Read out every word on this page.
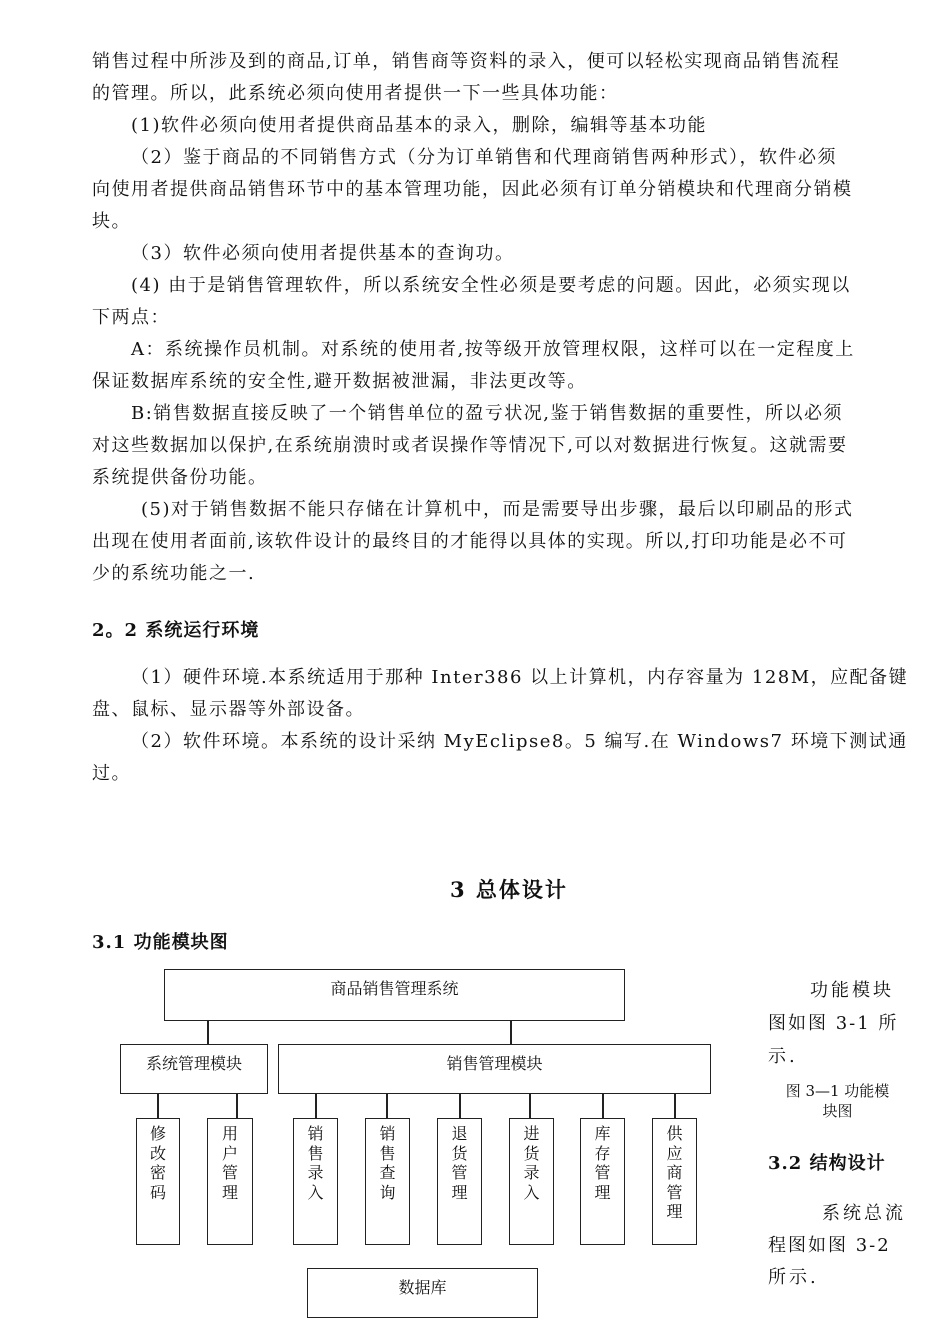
销售过程中所涉及到的商品,订单，销售商等资料的录入，便可以轻松实现商品销售流程
的管理。所以，此系统必须向使用者提供一下一些具体功能：
(1)软件必须向使用者提供商品基本的录入，删除，编辑等基本功能
（2）鉴于商品的不同销售方式（分为订单销售和代理商销售两种形式），软件必须
向使用者提供商品销售环节中的基本管理功能，因此必须有订单分销模块和代理商分销模
块。
（3）软件必须向使用者提供基本的查询功。
(4) 由于是销售管理软件，所以系统安全性必须是要考虑的问题。因此，必须实现以
下两点：
A：系统操作员机制。对系统的使用者,按等级开放管理权限，这样可以在一定程度上
保证数据库系统的安全性,避开数据被泄漏，非法更改等。
B:销售数据直接反映了一个销售单位的盈亏状况,鉴于销售数据的重要性，所以必须
对这些数据加以保护,在系统崩溃时或者误操作等情况下,可以对数据进行恢复。这就需要
系统提供备份功能。
(5)对于销售数据不能只存储在计算机中，而是需要导出步骤，最后以印刷品的形式
出现在使用者面前,该软件设计的最终目的才能得以具体的实现。所以,打印功能是必不可
少的系统功能之一.
2。2 系统运行环境
（1）硬件环境.本系统适用于那种 Inter386 以上计算机，内存容量为 128M，应配备键
盘、鼠标、显示器等外部设备。
（2）软件环境。本系统的设计采纳 MyEclipse8。5 编写.在 Windows7 环境下测试通
过。
3 总体设计
3.1 功能模块图
商品销售管理系统
系统管理模块	销售管理模块
修改密码
用户管理
销售录入
销售查询
退货管理
进货录入
库存管理
供应商管理
数据库
功能模块
图如图 3-1 所
示.
图 3—1 功能模
块图
3.2 结构设计
系统总流
程图如图 3-2
所示.
